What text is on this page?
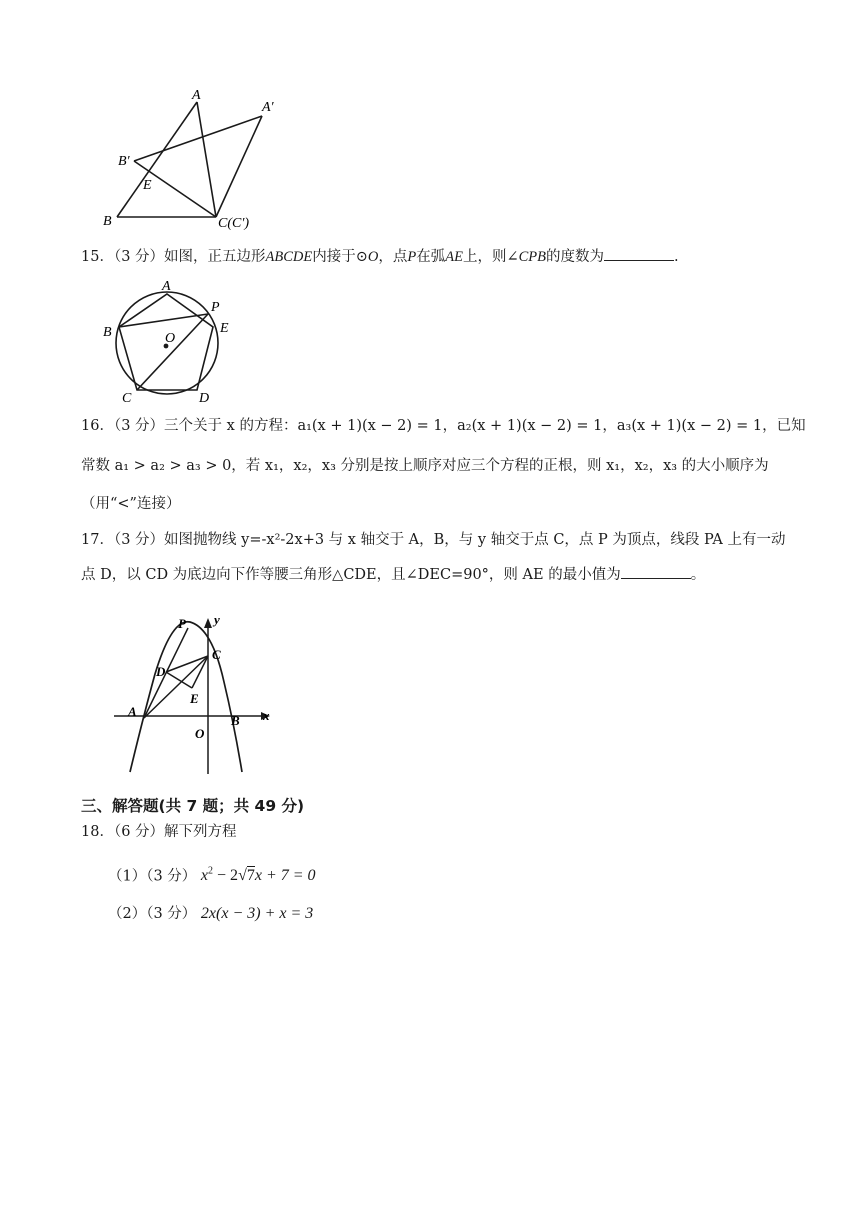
A
A′
B′
E
B	C(C′)
15．（3 分）如图，正五边形ABCDE内接于⊙O，点P在弧AE上，则∠CPB的度数为	.
A
P
B	E
O
C	D
16．（3 分）三个关于 x 的方程：a₁(x + 1)(x − 2) = 1，a₂(x + 1)(x − 2) = 1，a₃(x + 1)(x − 2) = 1，已知
常数 a₁ > a₂ > a₃ > 0，若 x₁，x₂，x₃ 分别是按上顺序对应三个方程的正根，则 x₁，x₂，x₃ 的大小顺序为
（用“<”连接）
17．（3 分）如图抛物线 y=-x²-2x+3 与 x 轴交于 A，B，与 y 轴交于点 C，点 P 为顶点，线段 PA 上有一动
点 D，以 CD 为底边向下作等腰三角形△CDE，且∠DEC=90°，则 AE 的最小值为	。
P y
C
D
E
A
B x
O
三、解答题(共 7 题；共 49 分)
18．（6 分）解下列方程
（1）（3 分） $x^2 - 2√7x + 7 = 0$
（2）（3 分） 2x(x − 3) + x = 3
